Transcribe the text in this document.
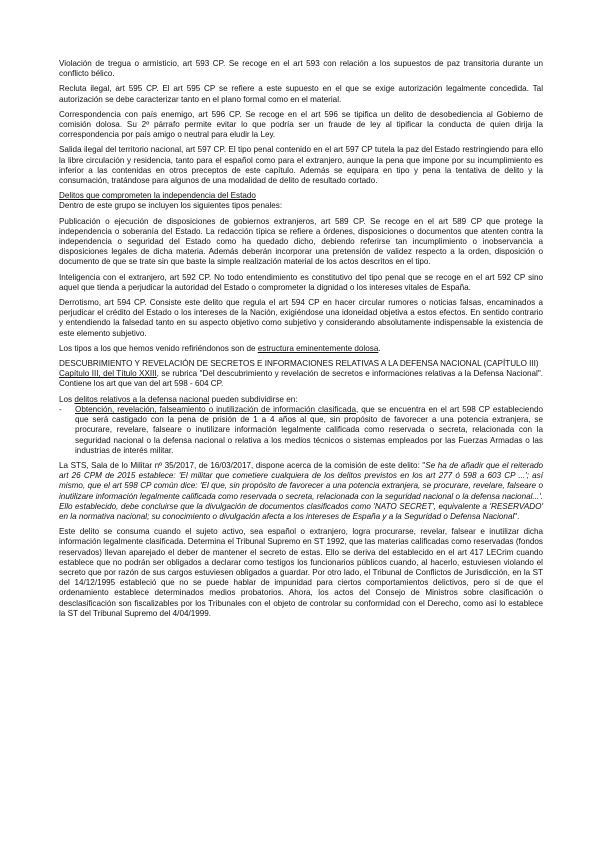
Violación de tregua o armisticio, art 593 CP. Se recoge en el art 593 con relación a los supuestos de paz transitoria durante un conflicto bélico.

Recluta ilegal, art 595 CP. El art 595 CP se refiere a este supuesto en el que se exige autorización legalmente concedida. Tal autorización se debe caracterizar tanto en el plano formal como en el material.

Correspondencia con país enemigo, art 596 CP. Se recoge en el art 596 se tipifica un delito de desobediencia al Gobierno de comisión dolosa. Su 2º párrafo permite evitar lo que podría ser un fraude de ley al tipificar la conducta de quien dirija la correspondencia por país amigo o neutral para eludir la Ley.

Salida ilegal del territorio nacional, art 597 CP. El tipo penal contenido en el art 597 CP tutela la paz del Estado restringiendo para ello la libre circulación y residencia, tanto para el español como para el extranjero, aunque la pena que impone por su incumplimiento es inferior a las contenidas en otros preceptos de este capítulo. Además se equipara en tipo y pena la tentativa de delito y la consumación, tratándose para algunos de una modalidad de delito de resultado cortado.

Delitos que comprometen la independencia del Estado

Dentro de este grupo se incluyen los siguientes tipos penales:

Publicación o ejecución de disposiciones de gobiernos extranjeros, art 589 CP. Se recoge en el art 589 CP que protege la independencia o soberanía del Estado. La redacción típica se refiere a órdenes, disposiciones o documentos que atenten contra la independencia o seguridad del Estado como ha quedado dicho, debiendo referirse tan incumplimiento o inobservancia a disposiciones legales de dicha materia. Además deberán incorporar una pretensión de validez respecto a la orden, disposición o documento de que se trate sin que baste la simple realización material de los actos descritos en el tipo.

Inteligencia con el extranjero, art 592 CP. No todo entendimiento es constitutivo del tipo penal que se recoge en el art 592 CP sino aquel que tienda a perjudicar la autoridad del Estado o comprometer la dignidad o los intereses vitales de España.

Derrotismo, art 594 CP. Consiste este delito que regula el art 594 CP en hacer circular rumores o noticias falsas, encaminados a perjudicar el crédito del Estado o los intereses de la Nación, exigiéndose una idoneidad objetiva a estos efectos. En sentido contrario y entendiendo la falsedad tanto en su aspecto objetivo como subjetivo y considerando absolutamente indispensable la existencia de este elemento subjetivo.

Los tipos a los que hemos venido refiriéndonos son de estructura eminentemente dolosa.

DESCUBRIMIENTO Y REVELACIÓN DE SECRETOS E INFORMACIONES RELATIVAS A LA DEFENSA NACIONAL (CAPÍTULO III)

Capítulo III, del Título XXIII, se rubrica "Del descubrimiento y revelación de secretos e informaciones relativas a la Defensa Nacional". Contiene los art que van del art 598 - 604 CP.

Los delitos relativos a la defensa nacional pueden subdividirse en:

- Obtención, revelación, falseamiento o inutilización de información clasificada, que se encuentra en el art 598 CP estableciendo que será castigado con la pena de prisión de 1 a 4 años al que, sin propósito de favorecer a una potencia extranjera, se procurare, revelare, falseare o inutilizare información legalmente calificada como reservada o secreta, relacionada con la seguridad nacional o la defensa nacional o relativa a los medios técnicos o sistemas empleados por las Fuerzas Armadas o las industrias de interés militar.

La STS, Sala de lo Militar nº 35/2017, de 16/03/2017, dispone acerca de la comisión de este delito: "Se ha de añadir que el reiterado art 26 CPM de 2015 establece: 'El militar que cometiere cualquiera de los delitos previstos en los art 277 ó 598 a 603 CP ...'; así mismo, que el art 598 CP común dice: 'El que, sin propósito de favorecer a una potencia extranjera, se procurare, revelare, falseare o inutilizare información legalmente calificada como reservada o secreta, relacionada con la seguridad nacional o la defensa nacional...'. Ello establecido, debe concluirse que la divulgación de documentos clasificados como 'NATO SECRET', equivalente a 'RESERVADO' en la normativa nacional; su conocimiento o divulgación afecta a los intereses de España y a la Seguridad o Defensa Nacional".

Este delito se consuma cuando el sujeto activo, sea español o extranjero, logra procurarse, revelar, falsear e inutilizar dicha información legalmente clasificada. Determina el Tribunal Supremo en ST 1992, que las materias calificadas como reservadas (fondos reservados) llevan aparejado el deber de mantener el secreto de estas. Ello se deriva del establecido en el art 417 LECrim cuando establece que no podrán ser obligados a declarar como testigos los funcionarios públicos cuando, al hacerlo, estuviesen violando el secreto que por razón de sus cargos estuviesen obligados a guardar. Por otro lado, el Tribunal de Conflictos de Jurisdicción, en la ST del 14/12/1995 estableció que no se puede hablar de impunidad para ciertos comportamientos delictivos, pero si de que el ordenamiento establece determinados medios probatorios. Ahora, los actos del Consejo de Ministros sobre clasificación o desclasificación son fiscalizables por los Tribunales con el objeto de controlar su conformidad con el Derecho, como así lo establece la ST del Tribunal Supremo del 4/04/1999.
